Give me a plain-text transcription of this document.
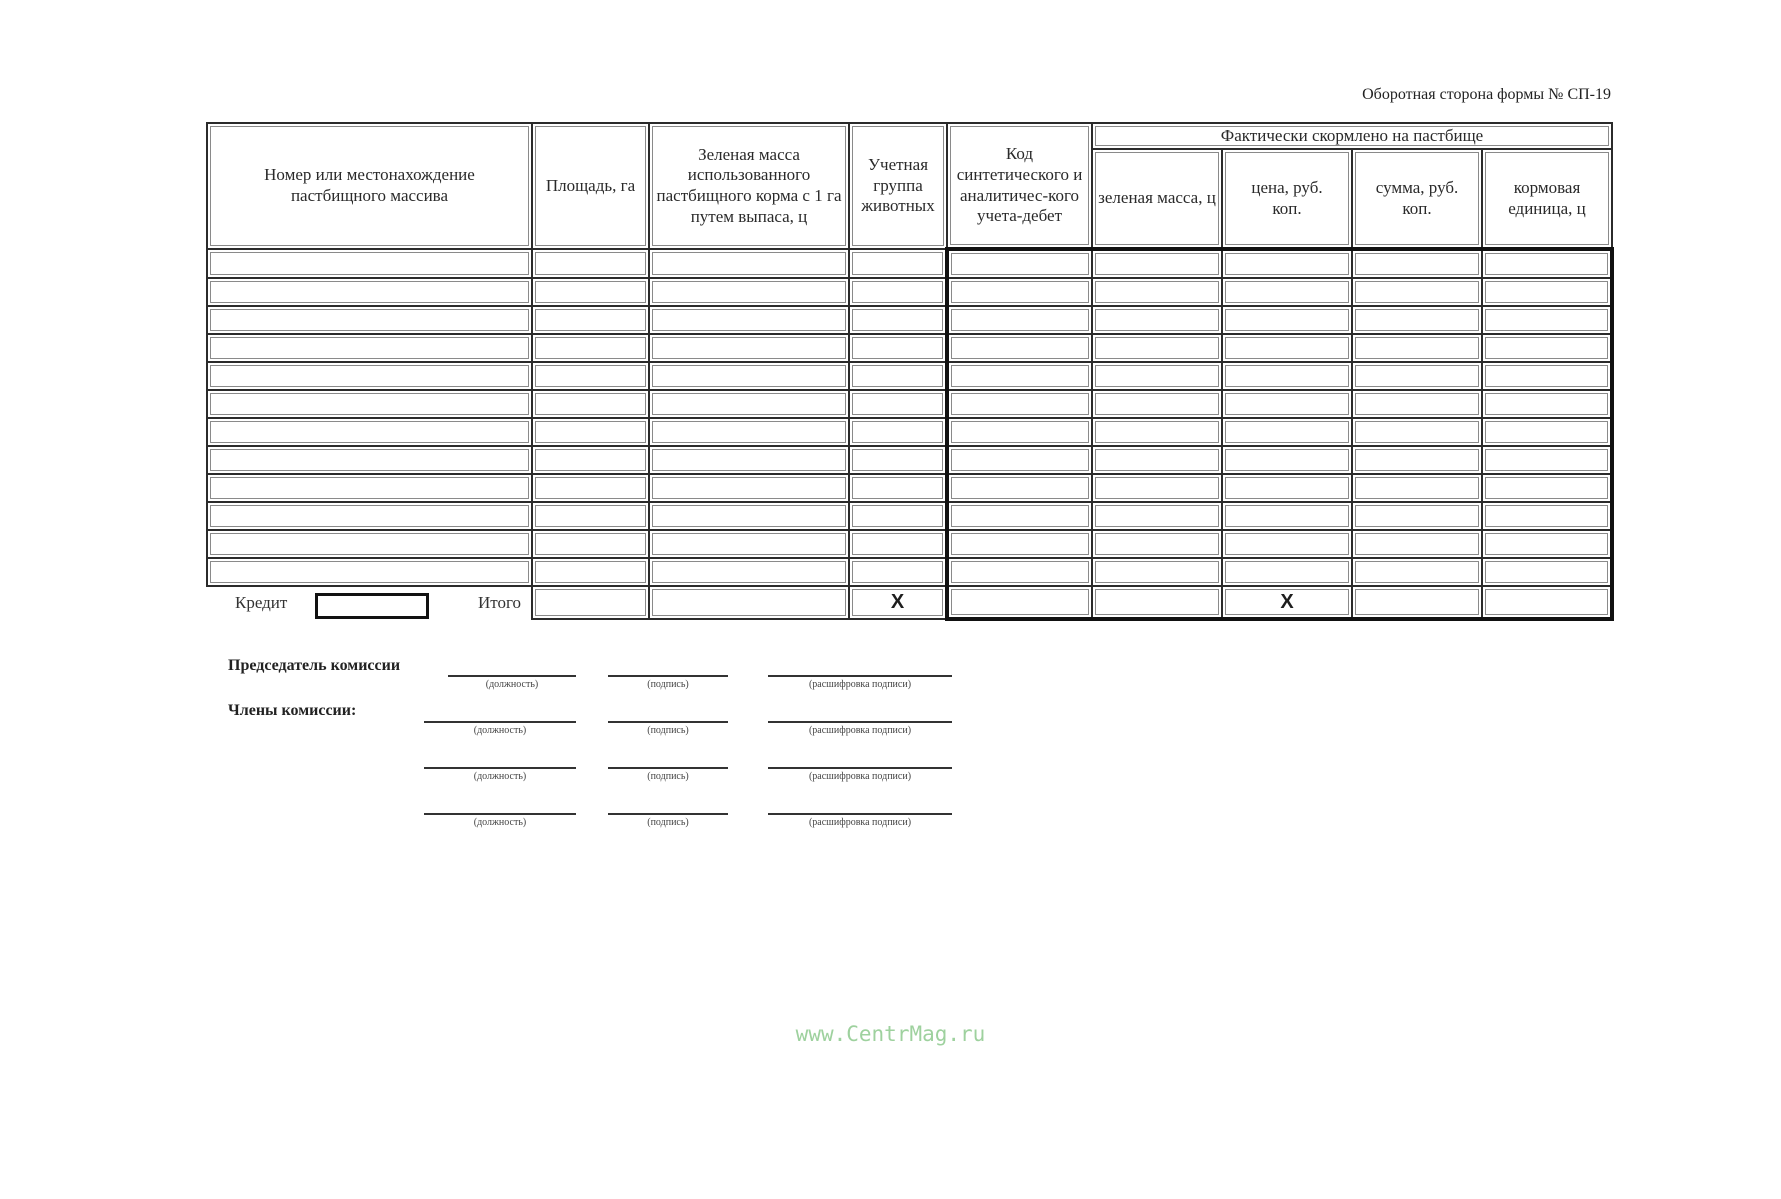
Оборотная сторона формы № СП-19
Номер или местонахождение пастбищного массива	Площадь, га	Зеленая масса использованного пастбищного корма с 1 га путем выпаса, ц	Учетная группа животных	Код синтетического и аналитичес-кого учета-дебет	Фактически скормлено на пастбище			
					зеленая масса, ц	цена, руб. коп.	сумма, руб. коп.	кормовая единица, ц

Кредит Итого			X			X		
Председатель комиссии
Члены комиссии:
(должность)	(подпись)	(расшифровка подписи)
(должность)	(подпись)	(расшифровка подписи)
(должность)	(подпись)	(расшифровка подписи)
(должность)	(подпись)	(расшифровка подписи)
www.CentrMag.ru
